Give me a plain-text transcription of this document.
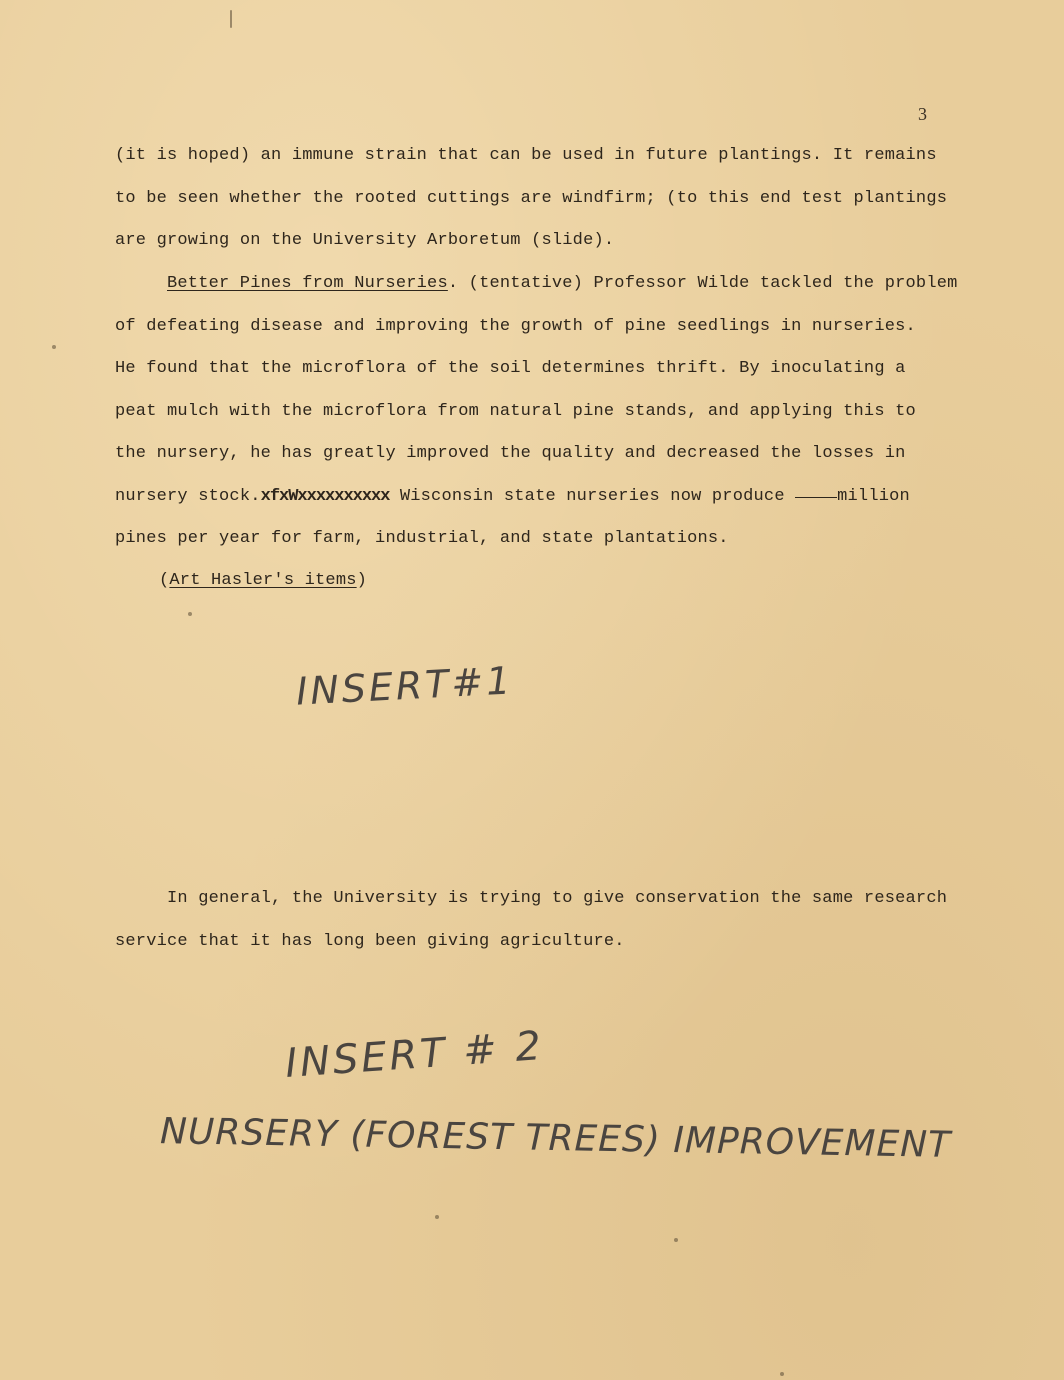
3
(it is hoped) an immune strain that can be used in future plantings. It remains
to be seen whether the rooted cuttings are windfirm; (to this end test plantings
are growing on the University Arboretum (slide).
Better Pines from Nurseries. (tentative) Professor Wilde tackled the problem
of defeating disease and improving the growth of pine seedlings in nurseries.
He found that the microflora of the soil determines thrift. By inoculating a
peat mulch with the microflora from natural pine stands, and applying this to
the nursery, he has greatly improved the quality and decreased the losses in
nursery stock.xfxWxxxxxxxxxx Wisconsin state nurseries now produce million
pines per year for farm, industrial, and state plantations.
(Art Hasler's items)
INSERT#1
In general, the University is trying to give conservation the same research
service that it has long been giving agriculture.
INSERT # 2
NURSERY (FOREST TREES) IMPROVEMENT
